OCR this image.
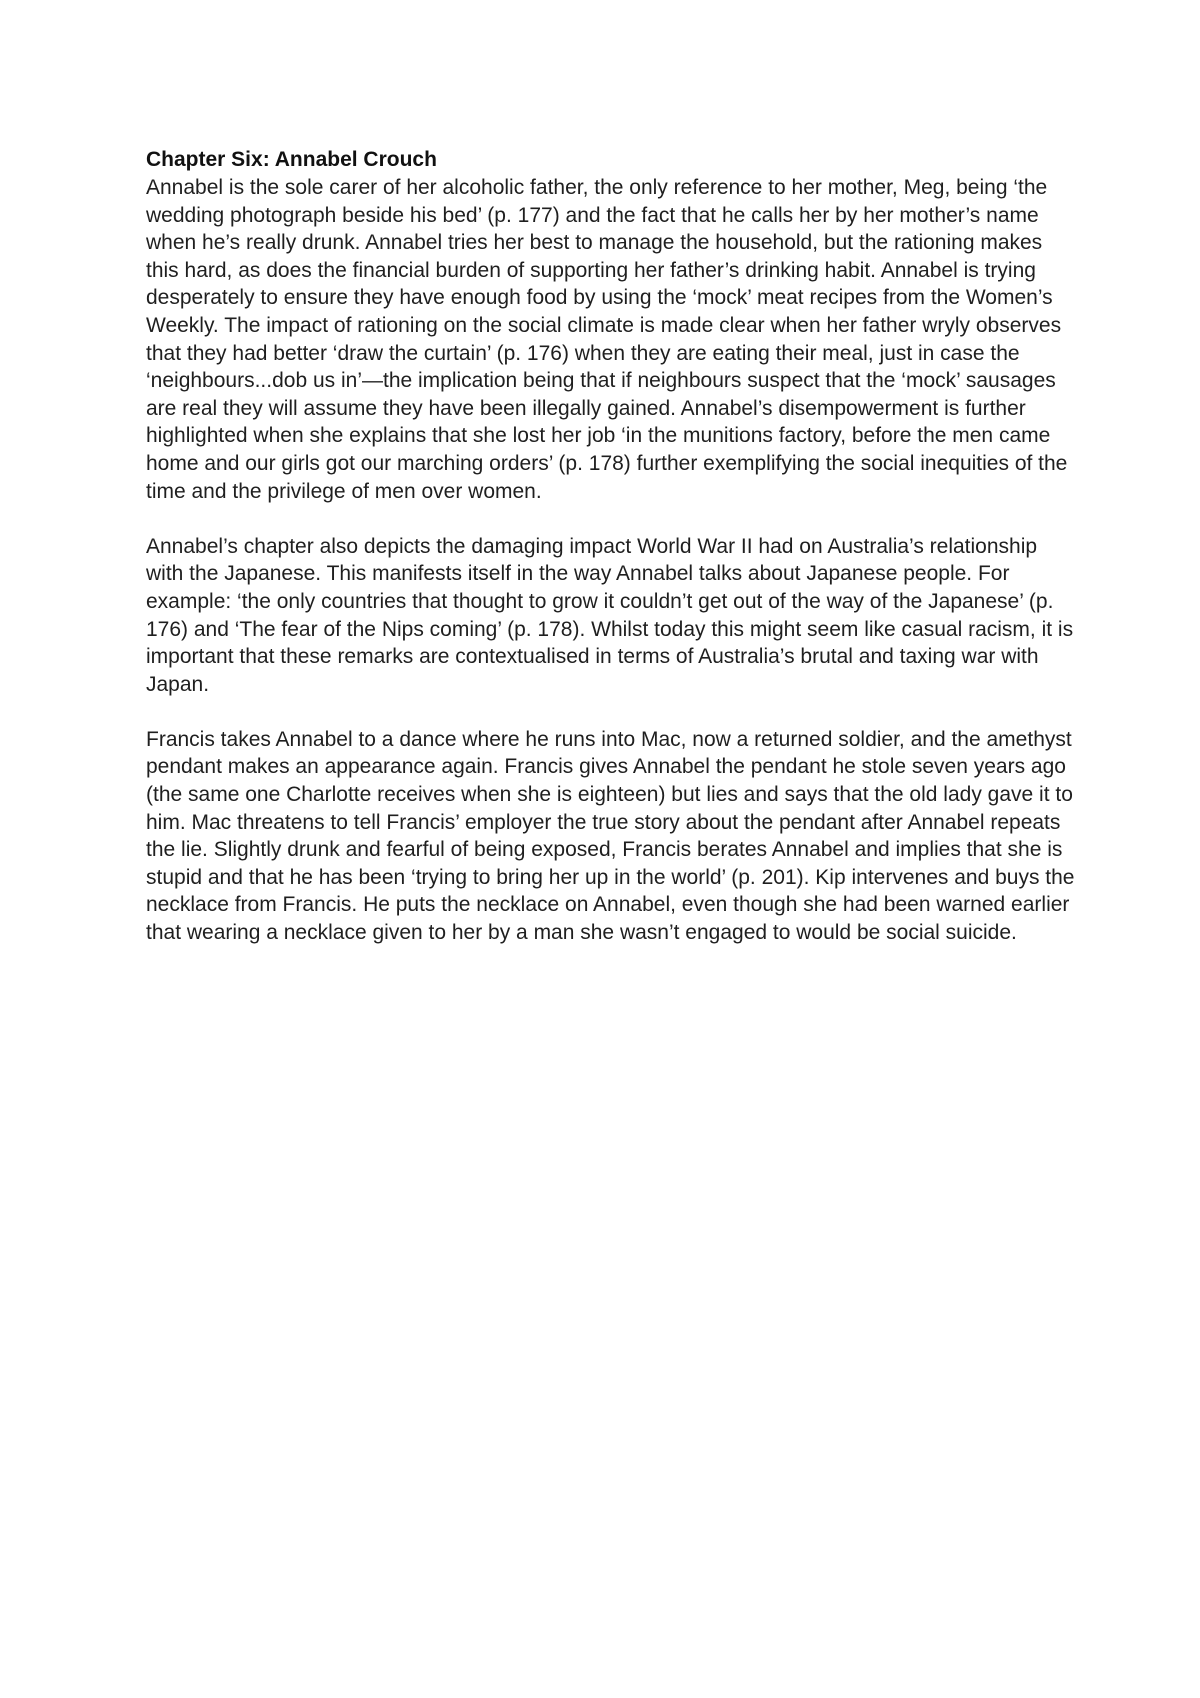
Chapter Six: Annabel Crouch

Annabel is the sole carer of her alcoholic father, the only reference to her mother, Meg, being ‘the wedding photograph beside his bed’ (p. 177) and the fact that he calls her by her mother’s name when he’s really drunk. Annabel tries her best to manage the household, but the rationing makes this hard, as does the financial burden of supporting her father’s drinking habit. Annabel is trying desperately to ensure they have enough food by using the ‘mock’ meat recipes from the Women’s Weekly. The impact of rationing on the social climate is made clear when her father wryly observes that they had better ‘draw the curtain’ (p. 176) when they are eating their meal, just in case the ‘neighbours...dob us in’—the implication being that if neighbours suspect that the ‘mock’ sausages are real they will assume they have been illegally gained. Annabel’s disempowerment is further highlighted when she explains that she lost her job ‘in the munitions factory, before the men came home and our girls got our marching orders’ (p. 178) further exemplifying the social inequities of the time and the privilege of men over women.

Annabel’s chapter also depicts the damaging impact World War II had on Australia’s relationship with the Japanese. This manifests itself in the way Annabel talks about Japanese people. For example: ‘the only countries that thought to grow it couldn’t get out of the way of the Japanese’ (p. 176) and ‘The fear of the Nips coming’ (p. 178). Whilst today this might seem like casual racism, it is important that these remarks are contextualised in terms of Australia’s brutal and taxing war with Japan.

Francis takes Annabel to a dance where he runs into Mac, now a returned soldier, and the amethyst pendant makes an appearance again. Francis gives Annabel the pendant he stole seven years ago (the same one Charlotte receives when she is eighteen) but lies and says that the old lady gave it to him. Mac threatens to tell Francis’ employer the true story about the pendant after Annabel repeats the lie. Slightly drunk and fearful of being exposed, Francis berates Annabel and implies that she is stupid and that he has been ‘trying to bring her up in the world’ (p. 201). Kip intervenes and buys the necklace from Francis. He puts the necklace on Annabel, even though she had been warned earlier that wearing a necklace given to her by a man she wasn’t engaged to would be social suicide.
